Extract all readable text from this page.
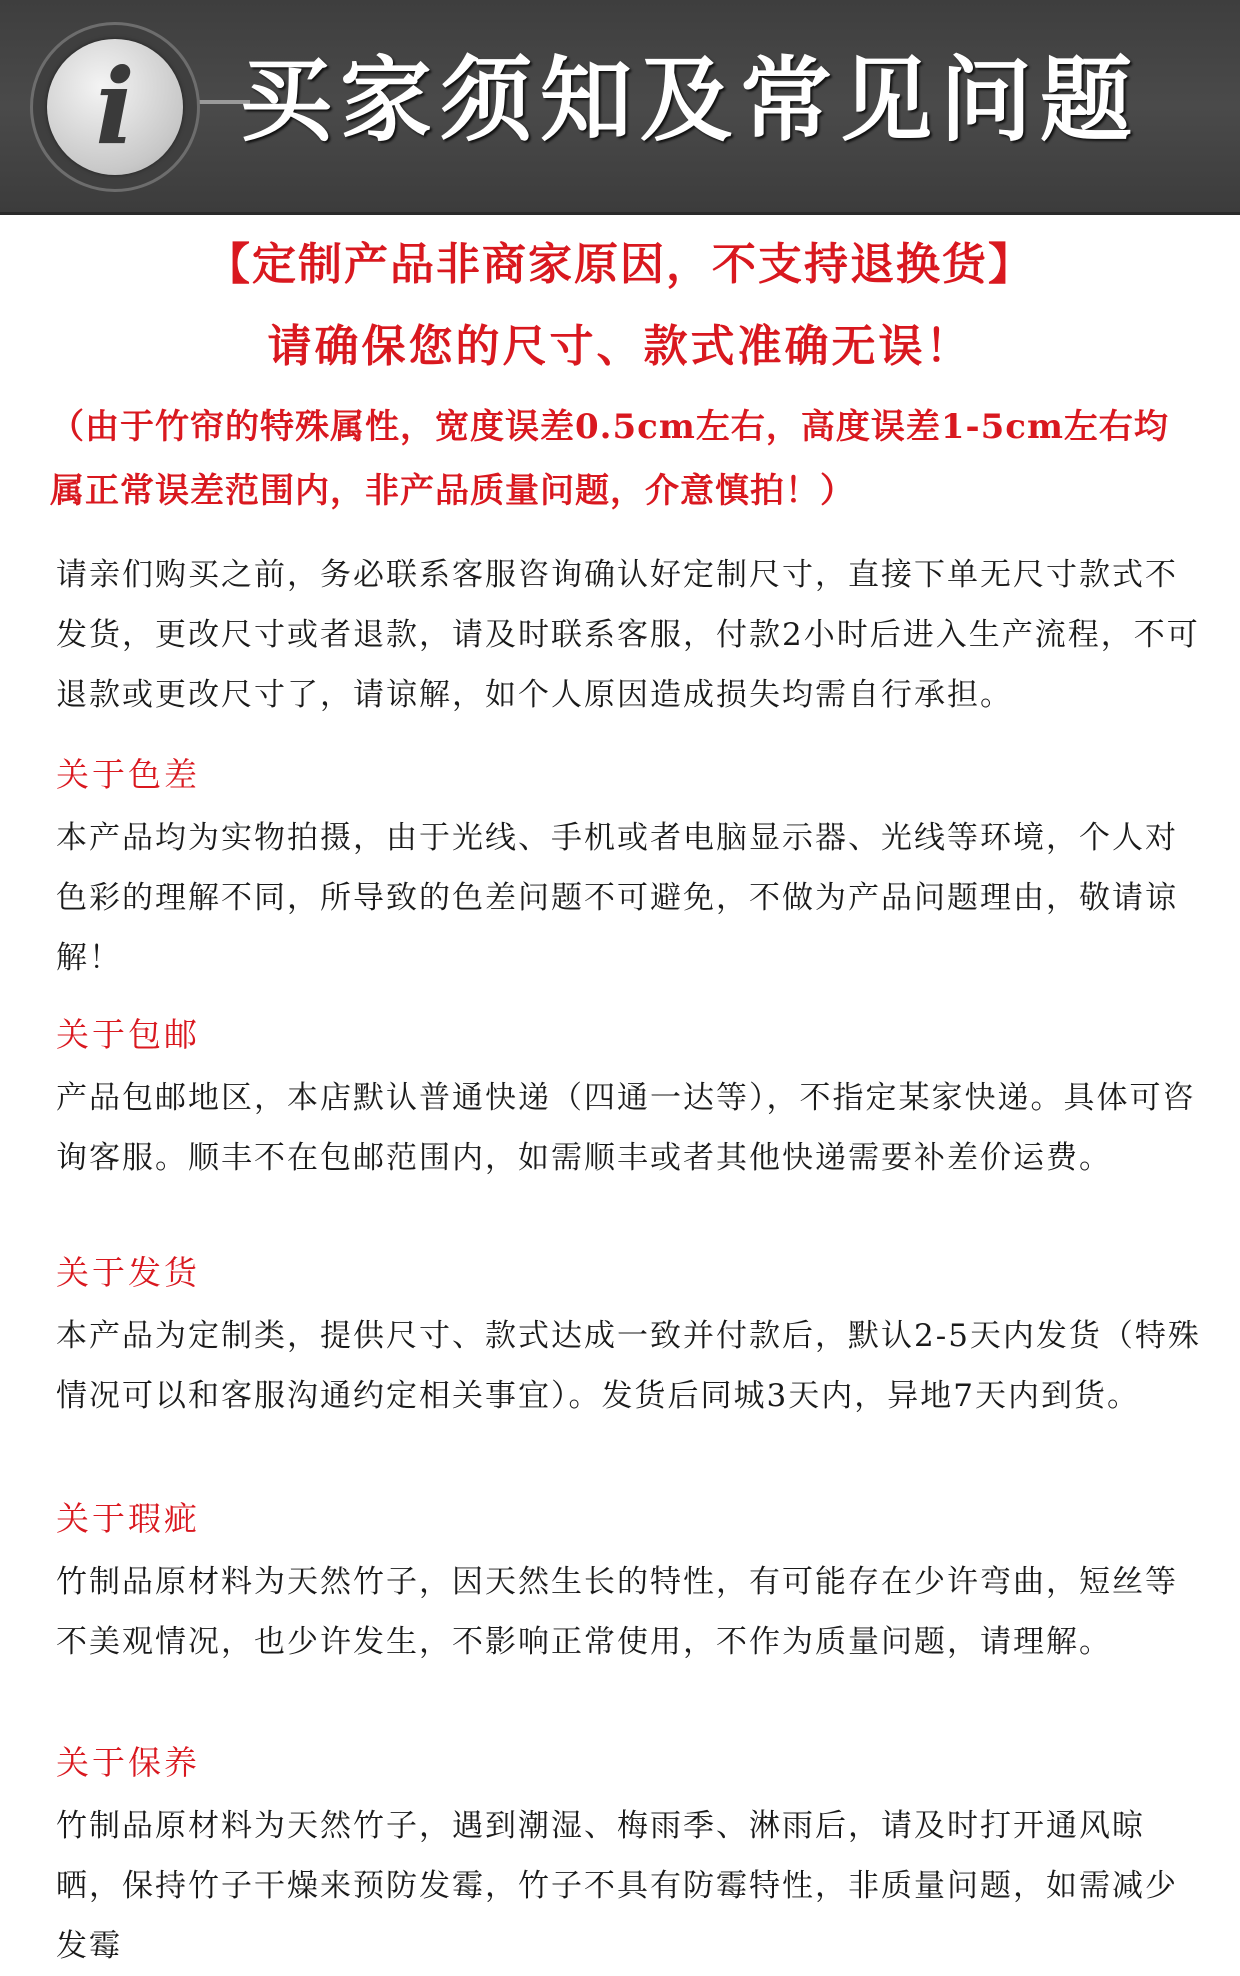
i 买家须知及常见问题
【定制产品非商家原因，不支持退换货】
请确保您的尺寸、款式准确无误！
（由于竹帘的特殊属性，宽度误差0.5cm左右，高度误差1-5cm左右均属正常误差范围内，非产品质量问题，介意慎拍！）
请亲们购买之前，务必联系客服咨询确认好定制尺寸，直接下单无尺寸款式不发货，更改尺寸或者退款，请及时联系客服，付款2小时后进入生产流程，不可退款或更改尺寸了，请谅解，如个人原因造成损失均需自行承担。
关于色差
本产品均为实物拍摄，由于光线、手机或者电脑显示器、光线等环境，个人对色彩的理解不同，所导致的色差问题不可避免，不做为产品问题理由，敬请谅解！
关于包邮
产品包邮地区，本店默认普通快递（四通一达等），不指定某家快递。具体可咨询客服。顺丰不在包邮范围内，如需顺丰或者其他快递需要补差价运费。
关于发货
本产品为定制类，提供尺寸、款式达成一致并付款后，默认2-5天内发货（特殊情况可以和客服沟通约定相关事宜）。发货后同城3天内，异地7天内到货。
关于瑕疵
竹制品原材料为天然竹子，因天然生长的特性，有可能存在少许弯曲，短丝等不美观情况，也少许发生，不影响正常使用，不作为质量问题，请理解。
关于保养
竹制品原材料为天然竹子，遇到潮湿、梅雨季、淋雨后，请及时打开通风晾晒，保持竹子干燥来预防发霉，竹子不具有防霉特性，非质量问题，如需减少发霉
